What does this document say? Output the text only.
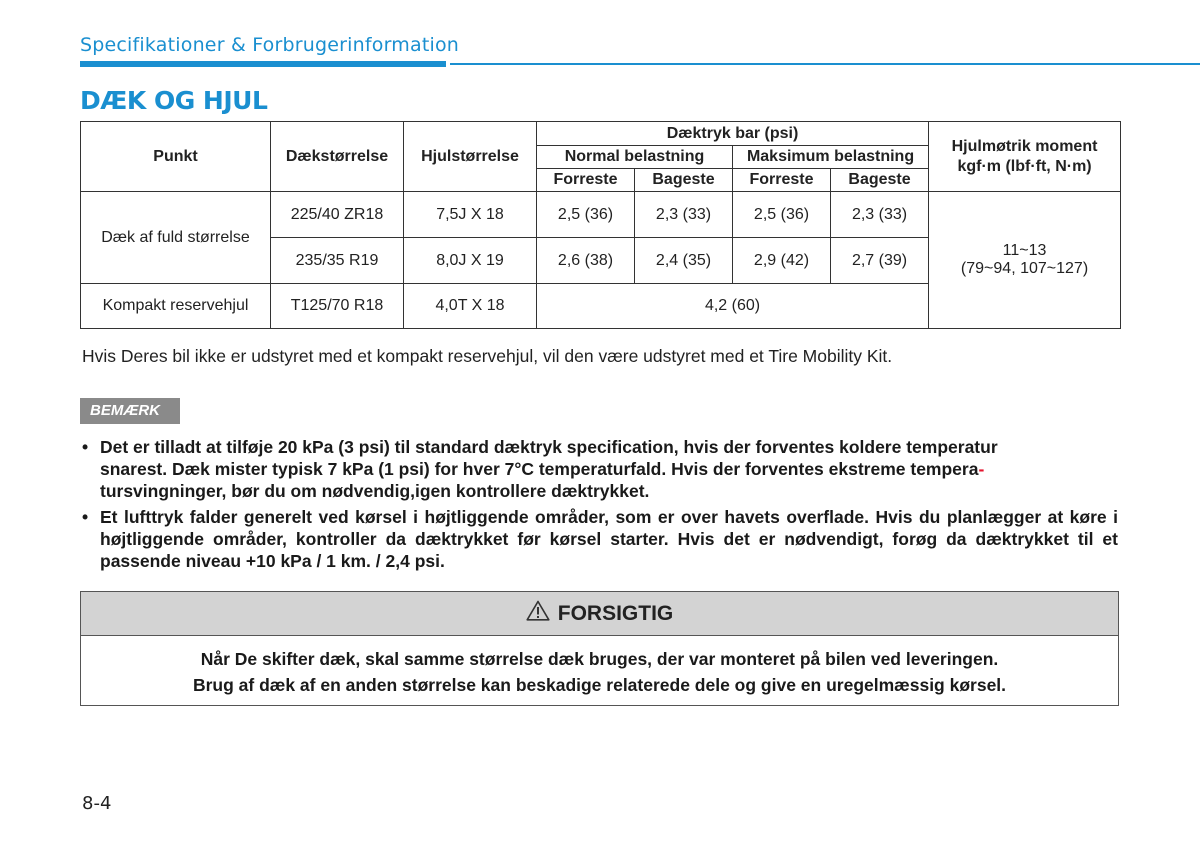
Specifikationer & Forbrugerinformation
DÆK OG HJUL
Punkt	Dækstørrelse	Hjulstørrelse	Dæktryk bar (psi)				Hjulmøtrik moment
kgf·m (lbf·ft, N·m)

			Normal belastning		Maksimum belastning		
			Forreste	Bageste	Forreste	Bageste	
Dæk af fuld størrelse	225/40 ZR18	7,5J X 18	2,5 (36)	2,3 (33)	2,5 (36)	2,3 (33)	11~13
(79~94, 107~127)

	235/35 R19	8,0J X 19	2,6 (38)	2,4 (35)	2,9 (42)	2,7 (39)	
Kompakt reservehjul	T125/70 R18	4,0T X 18	4,2 (60)				
Hvis Deres bil ikke er udstyret med et kompakt reservehjul, vil den være udstyret med et Tire Mobility Kit.
BEMÆRK
• Det er tilladt at tilføje 20 kPa (3 psi) til standard dæktryk specification, hvis der forventes koldere temperatur
snarest. Dæk mister typisk 7 kPa (1 psi) for hver 7°C temperaturfald. Hvis der forventes ekstreme tempera-
tursvingninger, bør du om nødvendig,igen kontrollere dæktrykket.
• Et lufttryk falder generelt ved kørsel i højtliggende områder, som er over havets overflade. Hvis du planlægger at køre i højtliggende områder, kontroller da dæktrykket før kørsel starter. Hvis det er nødvendigt, forøg da dæktrykket til et passende niveau +10 kPa / 1 km. / 2,4 psi.
FORSIGTIG
Når De skifter dæk, skal samme størrelse dæk bruges, der var monteret på bilen ved leveringen.
Brug af dæk af en anden størrelse kan beskadige relaterede dele og give en uregelmæssig kørsel.
8-4
